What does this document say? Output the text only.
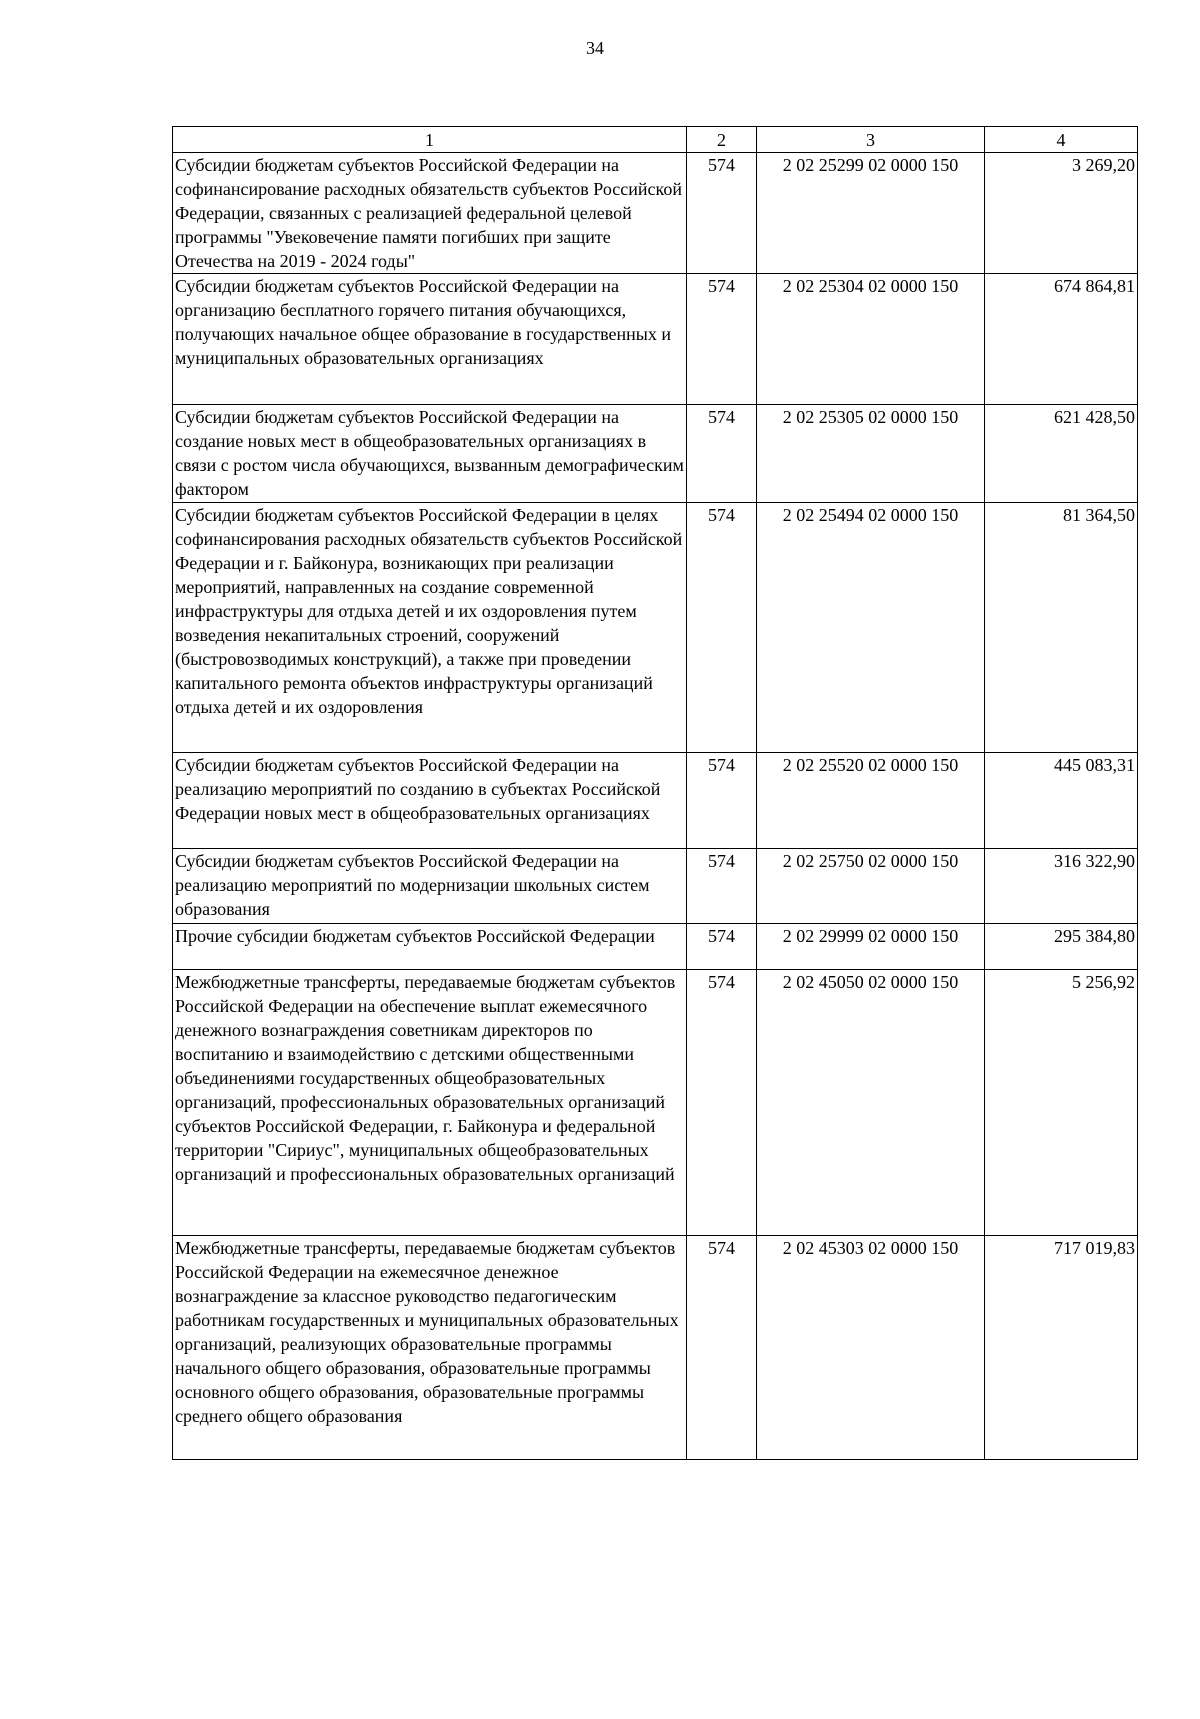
34
1	2	3	4
Субсидии бюджетам субъектов Российской Федерации на софинансирование расходных обязательств субъектов Российской Федерации, связанных с реализацией федеральной целевой программы "Увековечение памяти погибших при защите Отечества на 2019 - 2024 годы"	574	2 02 25299 02 0000 150	3 269,20
Субсидии бюджетам субъектов Российской Федерации на организацию бесплатного горячего питания обучающихся, получающих начальное общее образование в государственных и муниципальных образовательных организациях	574	2 02 25304 02 0000 150	674 864,81
Субсидии бюджетам субъектов Российской Федерации на создание новых мест в общеобразовательных организациях в связи с ростом числа обучающихся, вызванным демографическим фактором	574	2 02 25305 02 0000 150	621 428,50
Субсидии бюджетам субъектов Российской Федерации в целях софинансирования расходных обязательств субъектов Российской Федерации и г. Байконура, возникающих при реализации мероприятий, направленных на создание современной инфраструктуры для отдыха детей и их оздоровления путем возведения некапитальных строений, сооружений (быстровозводимых конструкций), а также при проведении капитального ремонта объектов инфраструктуры организаций отдыха детей и их оздоровления	574	2 02 25494 02 0000 150	81 364,50
Субсидии бюджетам субъектов Российской Федерации на реализацию мероприятий по созданию в субъектах Российской Федерации новых мест в общеобразовательных организациях	574	2 02 25520 02 0000 150	445 083,31
Субсидии бюджетам субъектов Российской Федерации на реализацию мероприятий по модернизации школьных систем образования	574	2 02 25750 02 0000 150	316 322,90
Прочие субсидии бюджетам субъектов Российской Федерации	574	2 02 29999 02 0000 150	295 384,80
Межбюджетные трансферты, передаваемые бюджетам субъектов Российской Федерации на обеспечение выплат ежемесячного денежного вознаграждения советникам директоров по воспитанию и взаимодействию с детскими общественными объединениями государственных общеобразовательных организаций, профессиональных образовательных организаций субъектов Российской Федерации, г. Байконура и федеральной территории "Сириус", муниципальных общеобразовательных организаций и профессиональных образовательных организаций	574	2 02 45050 02 0000 150	5 256,92
Межбюджетные трансферты, передаваемые бюджетам субъектов Российской Федерации на ежемесячное денежное вознаграждение за классное руководство педагогическим работникам государственных и муниципальных образовательных организаций, реализующих образовательные программы начального общего образования, образовательные программы основного общего образования, образовательные программы среднего общего образования	574	2 02 45303 02 0000 150	717 019,83
